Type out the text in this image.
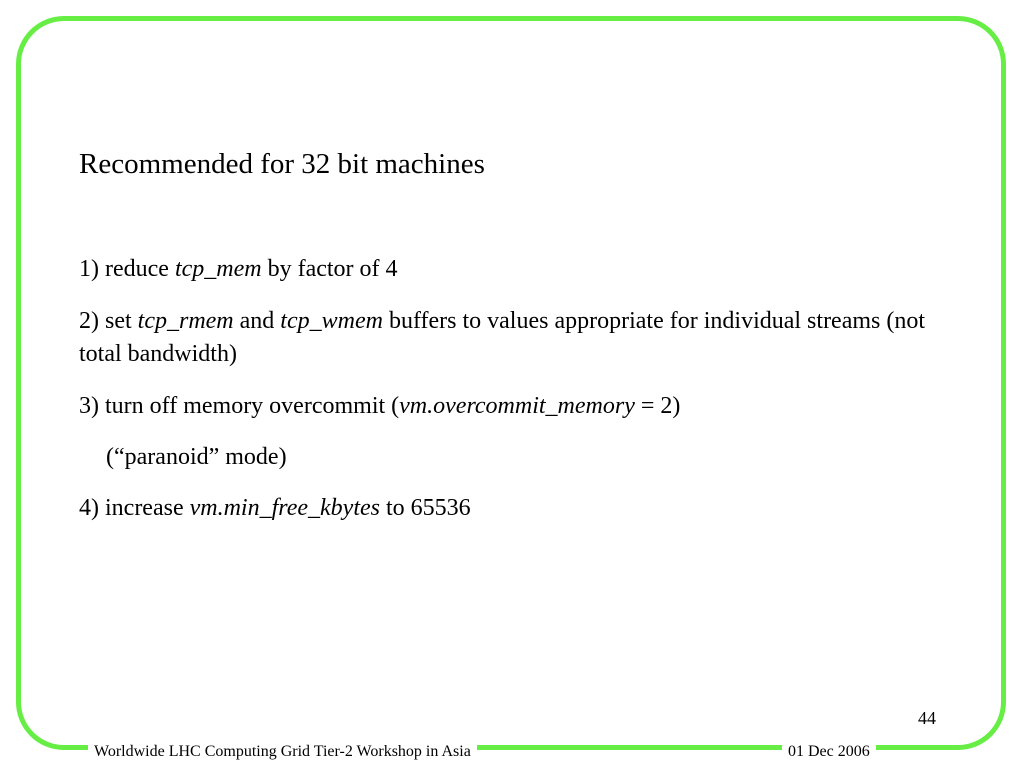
Worldwide LHC Computing Grid Tier-2 Workshop in Asia	01 Dec 2006
Recommended for 32 bit machines
1) reduce tcp_mem by factor of 4
2) set tcp_rmem and tcp_wmem buffers to values appropriate for individual streams (not total bandwidth)
3) turn off memory overcommit (vm.overcommit_memory = 2)
(“paranoid” mode)
4) increase vm.min_free_kbytes to 65536
44
